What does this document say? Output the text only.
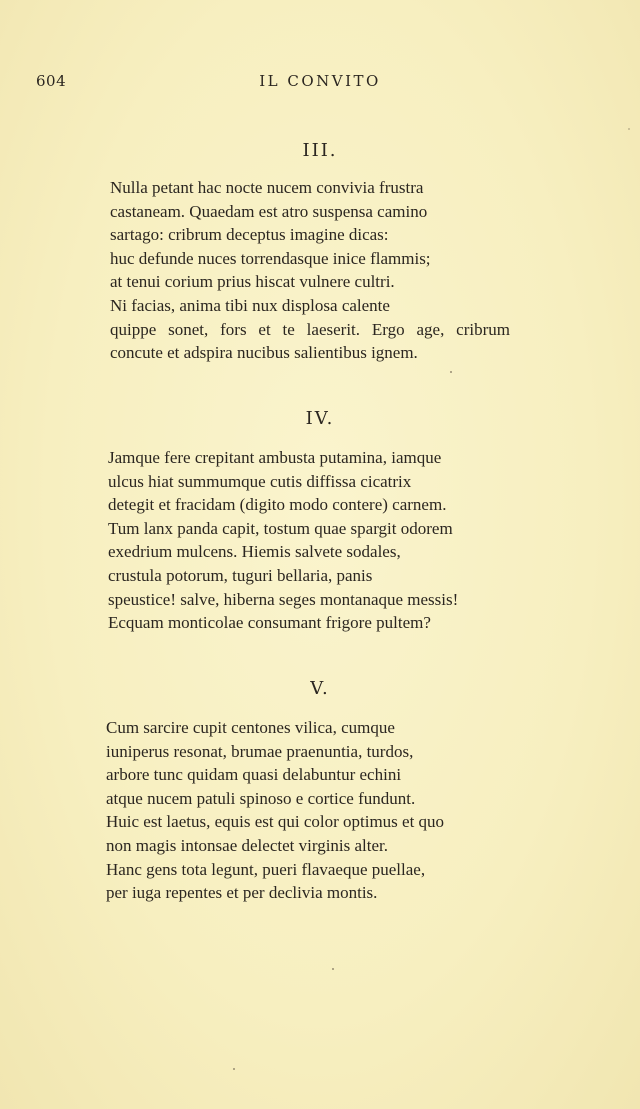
604	IL CONVITO
III.
Nulla petant hac nocte nucem convivia frustra
castaneam. Quaedam est atro suspensa camino
sartago: cribrum deceptus imagine dicas:
huc defunde nuces torrendasque inice flammis;
at tenui corium prius hiscat vulnere cultri.
Ni facias, anima tibi nux displosa calente
quippe sonet, fors et te laeserit. Ergo age, cribrum
concute et adspira nucibus salientibus ignem.
IV.
Jamque fere crepitant ambusta putamina, iamque
ulcus hiat summumque cutis diffissa cicatrix
detegit et fracidam (digito modo contere) carnem.
Tum lanx panda capit, tostum quae spargit odorem
exedrium mulcens. Hiemis salvete sodales,
crustula potorum, tuguri bellaria, panis
speustice! salve, hiberna seges montanaque messis!
Ecquam monticolae consumant frigore pultem?
V.
Cum sarcire cupit centones vilica, cumque
iuniperus resonat, brumae praenuntia, turdos,
arbore tunc quidam quasi delabuntur echini
atque nucem patuli spinoso e cortice fundunt.
Huic est laetus, equis est qui color optimus et quo
non magis intonsae delectet virginis alter.
Hanc gens tota legunt, pueri flavaeque puellae,
per iuga repentes et per declivia montis.
